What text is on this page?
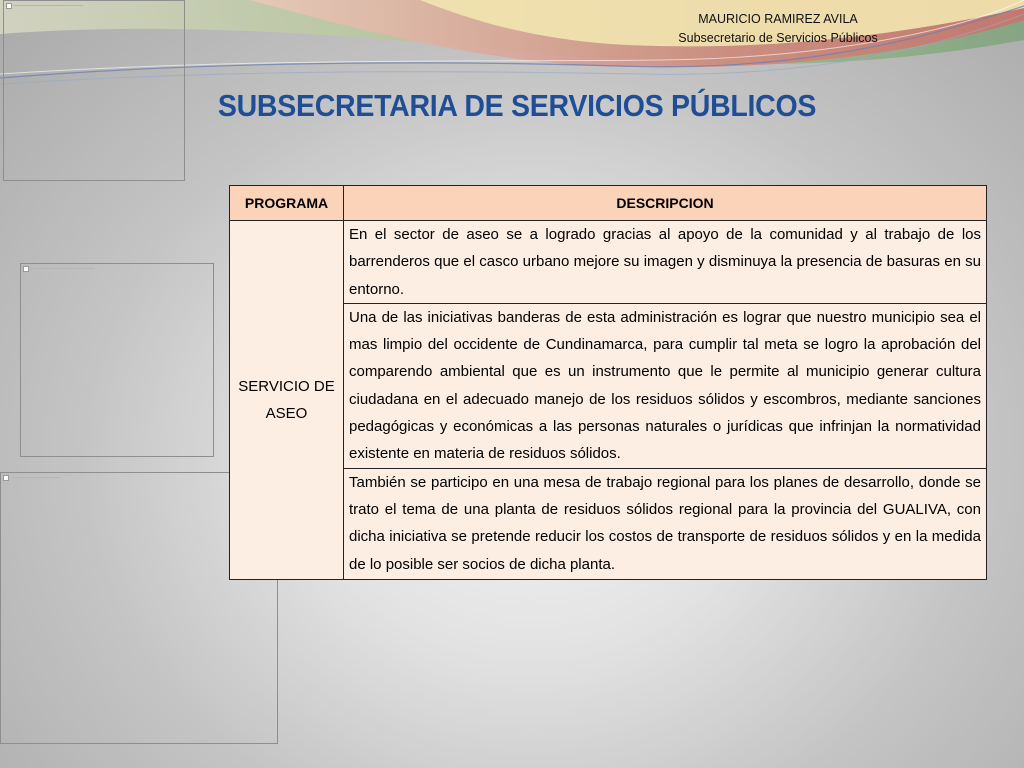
MAURICIO RAMIREZ AVILA
Subsecretario de Servicios Públicos
SUBSECRETARIA DE SERVICIOS PÚBLICOS
PROGRAMA	DESCRIPCION
SERVICIO DE ASEO	En el sector de aseo se a logrado gracias al apoyo de la comunidad y al trabajo de los barrenderos que el casco urbano mejore su imagen y disminuya la presencia de basuras en su entorno.
	Una de las iniciativas banderas de esta administración es lograr que nuestro municipio sea el mas limpio del occidente de Cundinamarca, para cumplir tal meta se logro la aprobación del comparendo ambiental que es un instrumento que le permite al municipio generar cultura ciudadana en el adecuado manejo de los residuos sólidos y escombros, mediante sanciones pedagógicas y económicas a las personas naturales o jurídicas que infrinjan la normatividad existente en materia de residuos sólidos.
	También se participo en una mesa de trabajo regional para los planes de desarrollo, donde se trato el tema de una planta de residuos sólidos regional para la provincia del GUALIVA, con dicha iniciativa se pretende reducir los costos de transporte de residuos sólidos y en la medida de lo posible ser socios de dicha planta.
